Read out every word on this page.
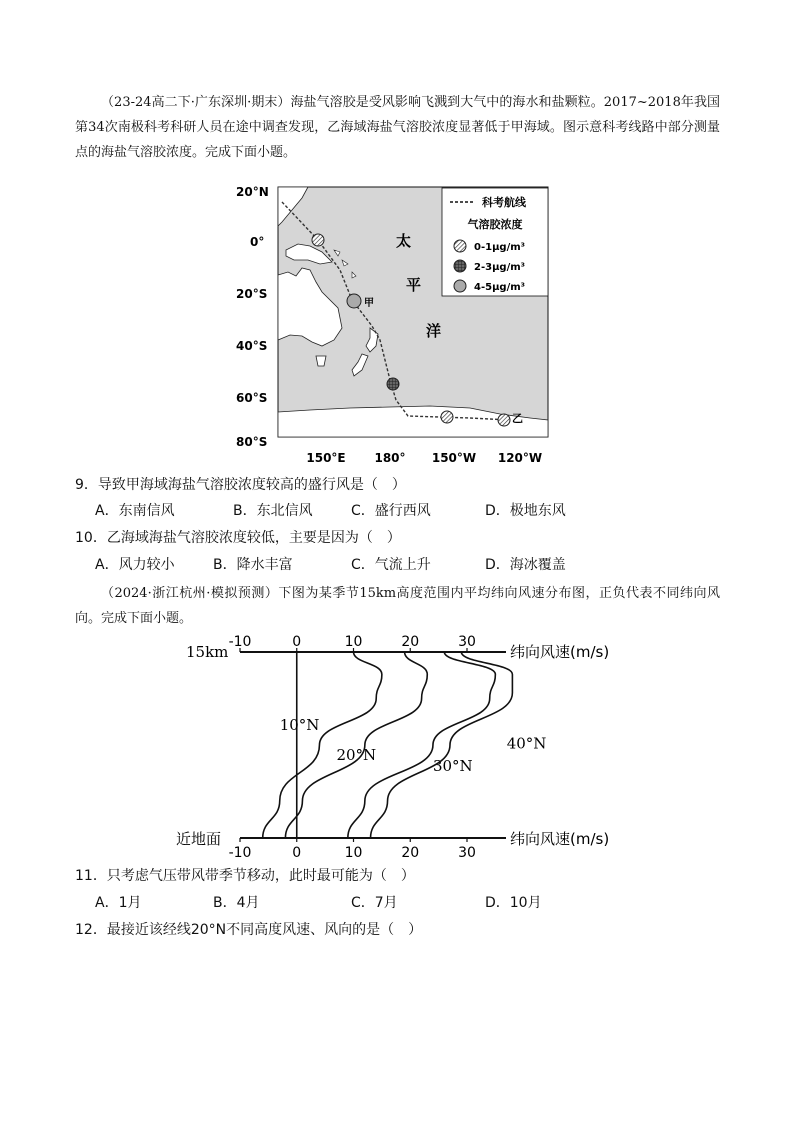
（23-24高二下·广东深圳·期末）海盐气溶胶是受风影响飞溅到大气中的海水和盐颗粒。2017~2018年我国第34次南极科考科研人员在途中调查发现，乙海域海盐气溶胶浓度显著低于甲海域。图示意科考线路中部分测量点的海盐气溶胶浓度。完成下面小题。
科考航线
气溶胶浓度
0-1μg/m³
2-3μg/m³
4-5μg/m³
甲
乙
太
平
洋
20°N
0°
20°S
40°S
60°S
80°S
150°E 180° 150°W 120°W
9．导致甲海域海盐气溶胶浓度较高的盛行风是（　）
A．东南信风	B．东北信风	C．盛行西风	D．极地东风
10．乙海域海盐气溶胶浓度较低，主要是因为（　）
A．风力较小	B．降水丰富	C．气流上升	D．海冰覆盖
（2024·浙江杭州·模拟预测）下图为某季节15km高度范围内平均纬向风速分布图，正负代表不同纬向风向。完成下面小题。
-10
-10
0
0
10
10
20
20
30
30
10°N
20°N
30°N
40°N
15km
近地面
纬向风速(m/s)
纬向风速(m/s)
11．只考虑气压带风带季节移动，此时最可能为（　）
A．1月	B．4月	C．7月	D．10月
12．最接近该经线20°N不同高度风速、风向的是（　）
